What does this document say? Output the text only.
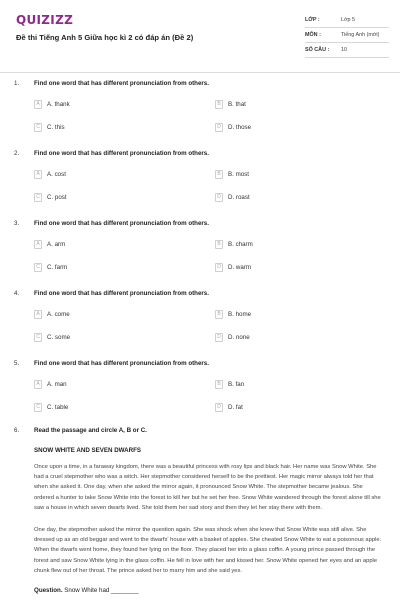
QUIZIZZ
Đề thi Tiếng Anh 5 Giữa học kì 2 có đáp án (Đề 2)
LỚP :	Lớp 5
MÔN :	Tiếng Anh (mới)
SỐ CÂU :	10
1. Find one word that has different pronunciation from others.
A	A. thank	B	B. that
C	C. this	D	D. those
2. Find one word that has different pronunciation from others.
A	A. cost	B	B. most
C	C. post	D	D. roast
3. Find one word that has different pronunciation from others.
A	A. arm	B	B. charm
C	C. farm	D	D. warm
4. Find one word that has different pronunciation from others.
A	A. come	B	B. home
C	C. some	D	D. none
5. Find one word that has different pronunciation from others.
A	A. man	B	B. fan
C	C. table	D	D. fat
6. Read the passage and circle A, B or C.
SNOW WHITE AND SEVEN DWARFS
Once upon a time, in a faraway kingdom, there was a beautiful princess with rosy lips and black hair. Her name was Snow White. She had a cruel stepmother who was a witch. Her stepmother considered herself to be the prettiest. Her magic mirror always told her that when she asked it. One day, when she asked the mirror again, it pronounced Snow White. The stepmother became jealous. She ordered a hunter to take Snow White into the forest to kill her but he set her free. Snow White wandered through the forest alone till she saw a house in which seven dwarfs lived. She told them her sad story and then they let her stay there with them.
One day, the stepmother asked the mirror the question again. She was shock when she knew that Snow White was still alive. She dressed up as an old beggar and went to the dwarfs' house with a basket of apples. She cheated Snow White to eat a poisonous apple. When the dwarfs went home, they found her lying on the floor. They placed her into a glass coffin. A young prince passed through the forest and saw Snow White lying in the glass coffin. He fell in love with her and kissed her. Snow White opened her eyes and an apple chunk flew out of her throat. The prince asked her to marry him and she said yes.
Question. Snow White had ________
